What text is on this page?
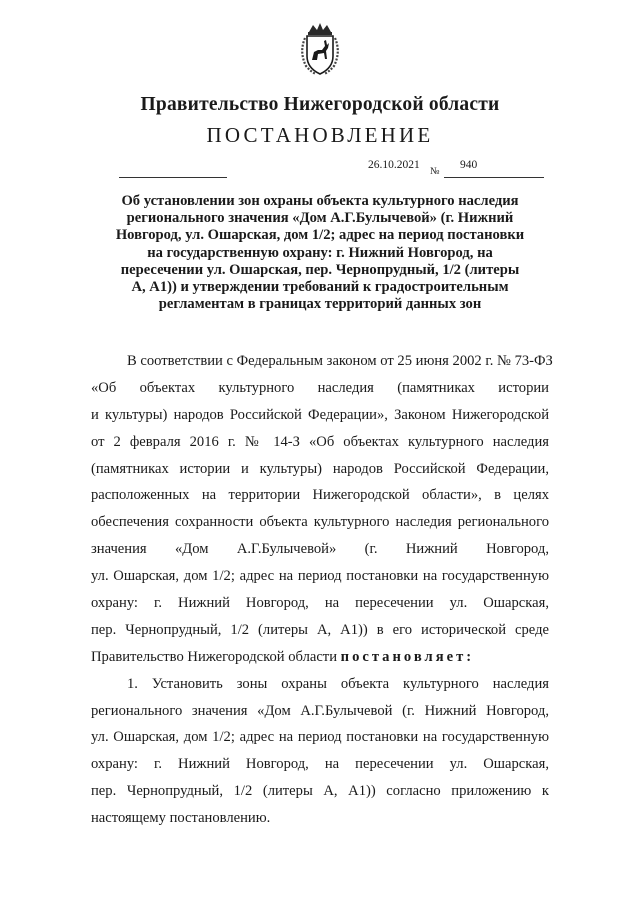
Правительство Нижегородской области
ПОСТАНОВЛЕНИЕ
26.10.2021
№
940
Об установлении зон охраны объекта культурного наследия
регионального значения «Дом А.Г.Булычевой» (г. Нижний
Новгород, ул. Ошарская, дом 1/2; адрес на период постановки
на государственную охрану: г. Нижний Новгород, на
пересечении ул. Ошарская, пер. Чернопрудный, 1/2 (литеры
А, А1)) и утверждении требований к градостроительным
регламентам в границах территорий данных зон
В соответствии с Федеральным законом от 25 июня 2002 г. № 73-ФЗ
«Об объектах культурного наследия (памятниках истории
и культуры) народов Российской Федерации», Законом Нижегородской
от 2 февраля 2016 г. № 14-З «Об объектах культурного наследия
(памятниках истории и культуры) народов Российской Федерации,
расположенных на территории Нижегородской области», в целях
обеспечения сохранности объекта культурного наследия регионального
значения «Дом А.Г.Булычевой» (г. Нижний Новгород,
ул. Ошарская, дом 1/2; адрес на период постановки на государственную
охрану: г. Нижний Новгород, на пересечении ул. Ошарская,
пер. Чернопрудный, 1/2 (литеры А, А1)) в его исторической среде
Правительство Нижегородской области постановляет:
1. Установить зоны охраны объекта культурного наследия
регионального значения «Дом А.Г.Булычевой (г. Нижний Новгород,
ул. Ошарская, дом 1/2; адрес на период постановки на государственную
охрану: г. Нижний Новгород, на пересечении ул. Ошарская,
пер. Чернопрудный, 1/2 (литеры А, А1)) согласно приложению к
настоящему постановлению.
